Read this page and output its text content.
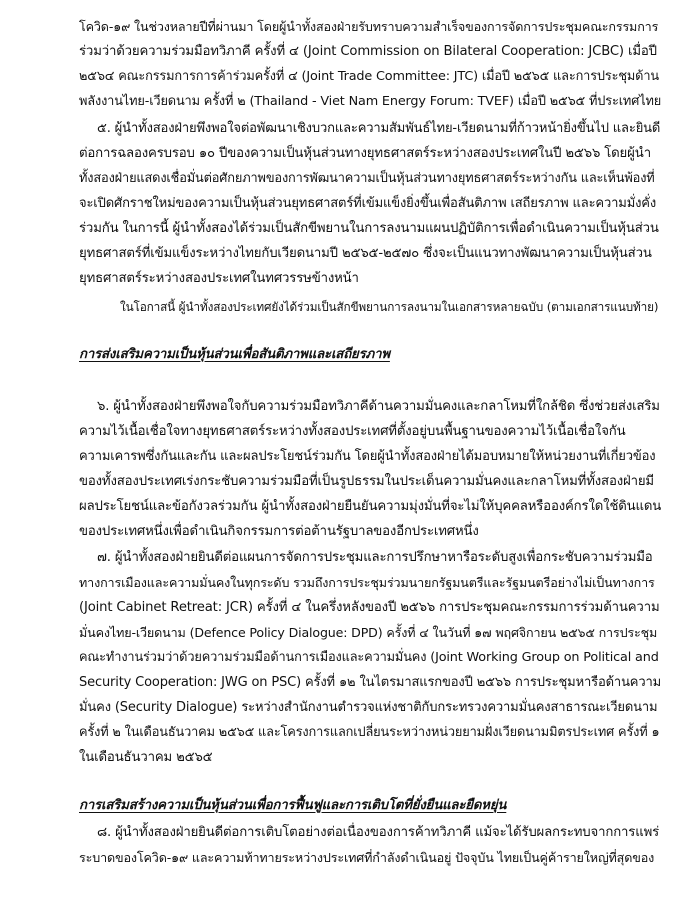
โควิด-๑๙ ในช่วงหลายปีที่ผ่านมา โดยผู้นำทั้งสองฝ่ายรับทราบความสำเร็จของการจัดการประชุมคณะกรรมการ
ร่วมว่าด้วยความร่วมมือทวิภาคี ครั้งที่ ๔ (Joint Commission on Bilateral Cooperation: JCBC) เมื่อปี
๒๕๖๔ คณะกรรมการการค้าร่วมครั้งที่ ๔ (Joint Trade Committee: JTC) เมื่อปี ๒๕๖๕ และการประชุมด้าน
พลังงานไทย-เวียดนาม ครั้งที่ ๒ (Thailand - Viet Nam Energy Forum: TVEF) เมื่อปี ๒๕๖๕ ที่ประเทศไทย
๕. ผู้นำทั้งสองฝ่ายพึงพอใจต่อพัฒนาเชิงบวกและความสัมพันธ์ไทย-เวียดนามที่ก้าวหน้ายิ่งขึ้นไป และยินดี
ต่อการฉลองครบรอบ ๑๐ ปีของความเป็นหุ้นส่วนทางยุทธศาสตร์ระหว่างสองประเทศในปี ๒๕๖๖ โดยผู้นำ
ทั้งสองฝ่ายแสดงเชื่อมั่นต่อศักยภาพของการพัฒนาความเป็นหุ้นส่วนทางยุทธศาสตร์ระหว่างกัน และเห็นพ้องที่
จะเปิดศักราชใหม่ของความเป็นหุ้นส่วนยุทธศาสตร์ที่เข้มแข็งยิ่งขึ้นเพื่อสันติภาพ เสถียรภาพ และความมั่งคั่ง
ร่วมกัน ในการนี้ ผู้นำทั้งสองได้ร่วมเป็นสักขีพยานในการลงนามแผนปฏิบัติการเพื่อดำเนินความเป็นหุ้นส่วน
ยุทธศาสตร์ที่เข้มแข็งระหว่างไทยกับเวียดนามปี ๒๕๖๕-๒๕๗๐ ซึ่งจะเป็นแนวทางพัฒนาความเป็นหุ้นส่วน
ยุทธศาสตร์ระหว่างสองประเทศในทศวรรษข้างหน้า
ในโอกาสนี้ ผู้นำทั้งสองประเทศยังได้ร่วมเป็นสักขีพยานการลงนามในเอกสารหลายฉบับ (ตามเอกสารแนบท้าย)
การส่งเสริมความเป็นหุ้นส่วนเพื่อสันติภาพและเสถียรภาพ
๖. ผู้นำทั้งสองฝ่ายพึงพอใจกับความร่วมมือทวิภาคีด้านความมั่นคงและกลาโหมที่ใกล้ชิด ซึ่งช่วยส่งเสริม
ความไว้เนื้อเชื่อใจทางยุทธศาสตร์ระหว่างทั้งสองประเทศที่ตั้งอยู่บนพื้นฐานของความไว้เนื้อเชื่อใจกัน
ความเคารพซึ่งกันและกัน และผลประโยชน์ร่วมกัน โดยผู้นำทั้งสองฝ่ายได้มอบหมายให้หน่วยงานที่เกี่ยวข้อง
ของทั้งสองประเทศเร่งกระชับความร่วมมือที่เป็นรูปธรรมในประเด็นความมั่นคงและกลาโหมที่ทั้งสองฝ่ายมี
ผลประโยชน์และข้อกังวลร่วมกัน ผู้นำทั้งสองฝ่ายยืนยันความมุ่งมั่นที่จะไม่ให้บุคคลหรือองค์กรใดใช้ดินแดน
ของประเทศหนึ่งเพื่อดำเนินกิจกรรมการต่อต้านรัฐบาลของอีกประเทศหนึ่ง
๗. ผู้นำทั้งสองฝ่ายยินดีต่อแผนการจัดการประชุมและการปรึกษาหารือระดับสูงเพื่อกระชับความร่วมมือ
ทางการเมืองและความมั่นคงในทุกระดับ รวมถึงการประชุมร่วมนายกรัฐมนตรีและรัฐมนตรีอย่างไม่เป็นทางการ
(Joint Cabinet Retreat: JCR) ครั้งที่ ๔ ในครึ่งหลังของปี ๒๕๖๖ การประชุมคณะกรรมการร่วมด้านความ
มั่นคงไทย-เวียดนาม (Defence Policy Dialogue: DPD) ครั้งที่ ๔ ในวันที่ ๑๗ พฤศจิกายน ๒๕๖๕ การประชุม
คณะทำงานร่วมว่าด้วยความร่วมมือด้านการเมืองและความมั่นคง (Joint Working Group on Political and
Security Cooperation: JWG on PSC) ครั้งที่ ๑๒ ในไตรมาสแรกของปี ๒๕๖๖ การประชุมหารือด้านความ
มั่นคง (Security Dialogue) ระหว่างสำนักงานตำรวจแห่งชาติกับกระทรวงความมั่นคงสาธารณะเวียดนาม
ครั้งที่ ๒ ในเดือนธันวาคม ๒๕๖๕ และโครงการแลกเปลี่ยนระหว่างหน่วยยามฝั่งเวียดนามมิตรประเทศ ครั้งที่ ๑
ในเดือนธันวาคม ๒๕๖๕
การเสริมสร้างความเป็นหุ้นส่วนเพื่อการฟื้นฟูและการเติบโตที่ยั่งยืนและยืดหยุ่น
๘. ผู้นำทั้งสองฝ่ายยินดีต่อการเติบโตอย่างต่อเนื่องของการค้าทวิภาคี แม้จะได้รับผลกระทบจากการแพร่
ระบาดของโควิด-๑๙ และความท้าทายระหว่างประเทศที่กำลังดำเนินอยู่ ปัจจุบัน ไทยเป็นคู่ค้ารายใหญ่ที่สุดของ
